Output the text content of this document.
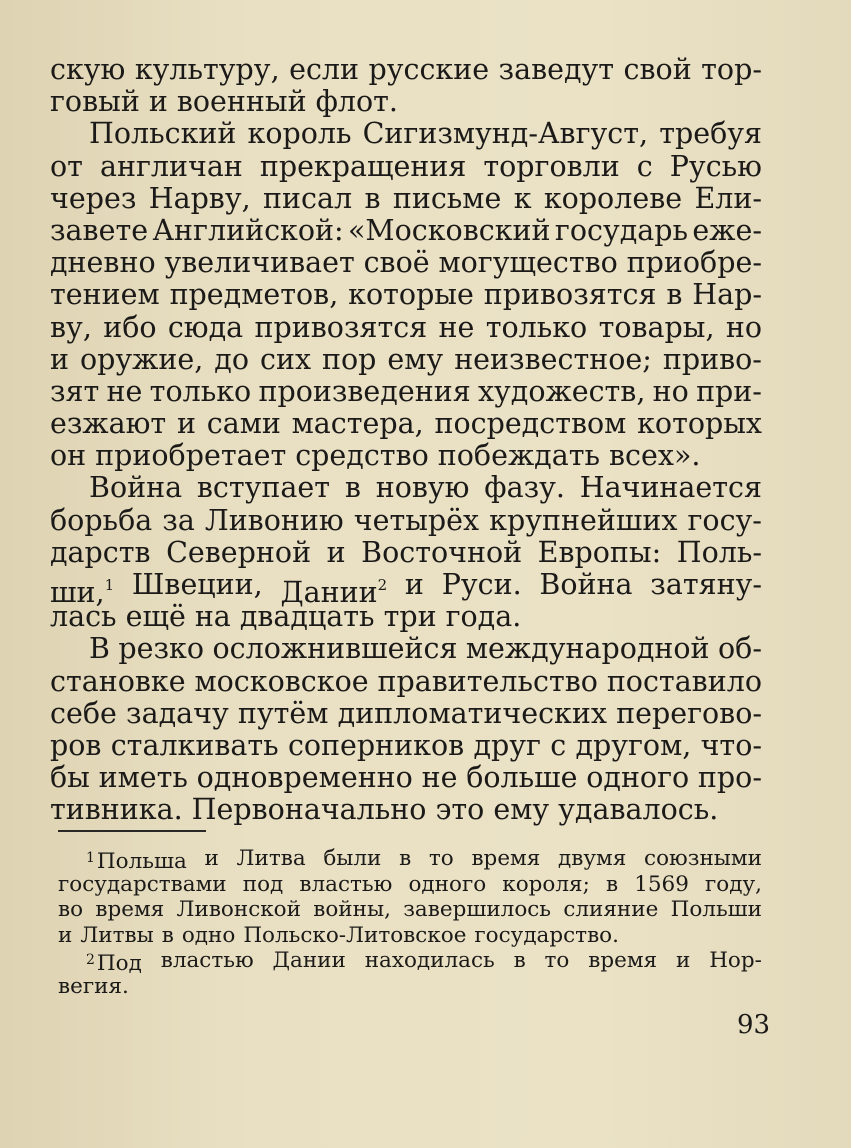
скую культуру, если русские заведут свой тор-
говый и военный флот.
Польский король Сигизмунд-Август, требуя
от англичан прекращения торговли с Русью
через Нарву, писал в письме к королеве Ели-
завете Английской: «Московский государь еже-
дневно увеличивает своё могущество приобре-
тением предметов, которые привозятся в Нар-
ву, ибо сюда привозятся не только товары, но
и оружие, до сих пор ему неизвестное; приво-
зят не только произведения художеств, но при-
езжают и сами мастера, посредством которых
он приобретает средство побеждать всех».
Война вступает в новую фазу. Начинается
борьба за Ливонию четырёх крупнейших госу-
дарств Северной и Восточной Европы: Поль-
ши,$^1$ Швеции, Дании$^2$ и Руси. Война затяну-
лась ещё на двадцать три года.
В резко осложнившейся международной об-
становке московское правительство поставило
себе задачу путём дипломатических перегово-
ров сталкивать соперников друг с другом, что-
бы иметь одновременно не больше одного про-
тивника. Первоначально это ему удавалось.
$^1$Польша и Литва были в то время двумя союзными
государствами под властью одного короля; в 1569 году,
во время Ливонской войны, завершилось слияние Польши
и Литвы в одно Польско-Литовское государство.
$^2$Под властью Дании находилась в то время и Нор-
вегия.
93
